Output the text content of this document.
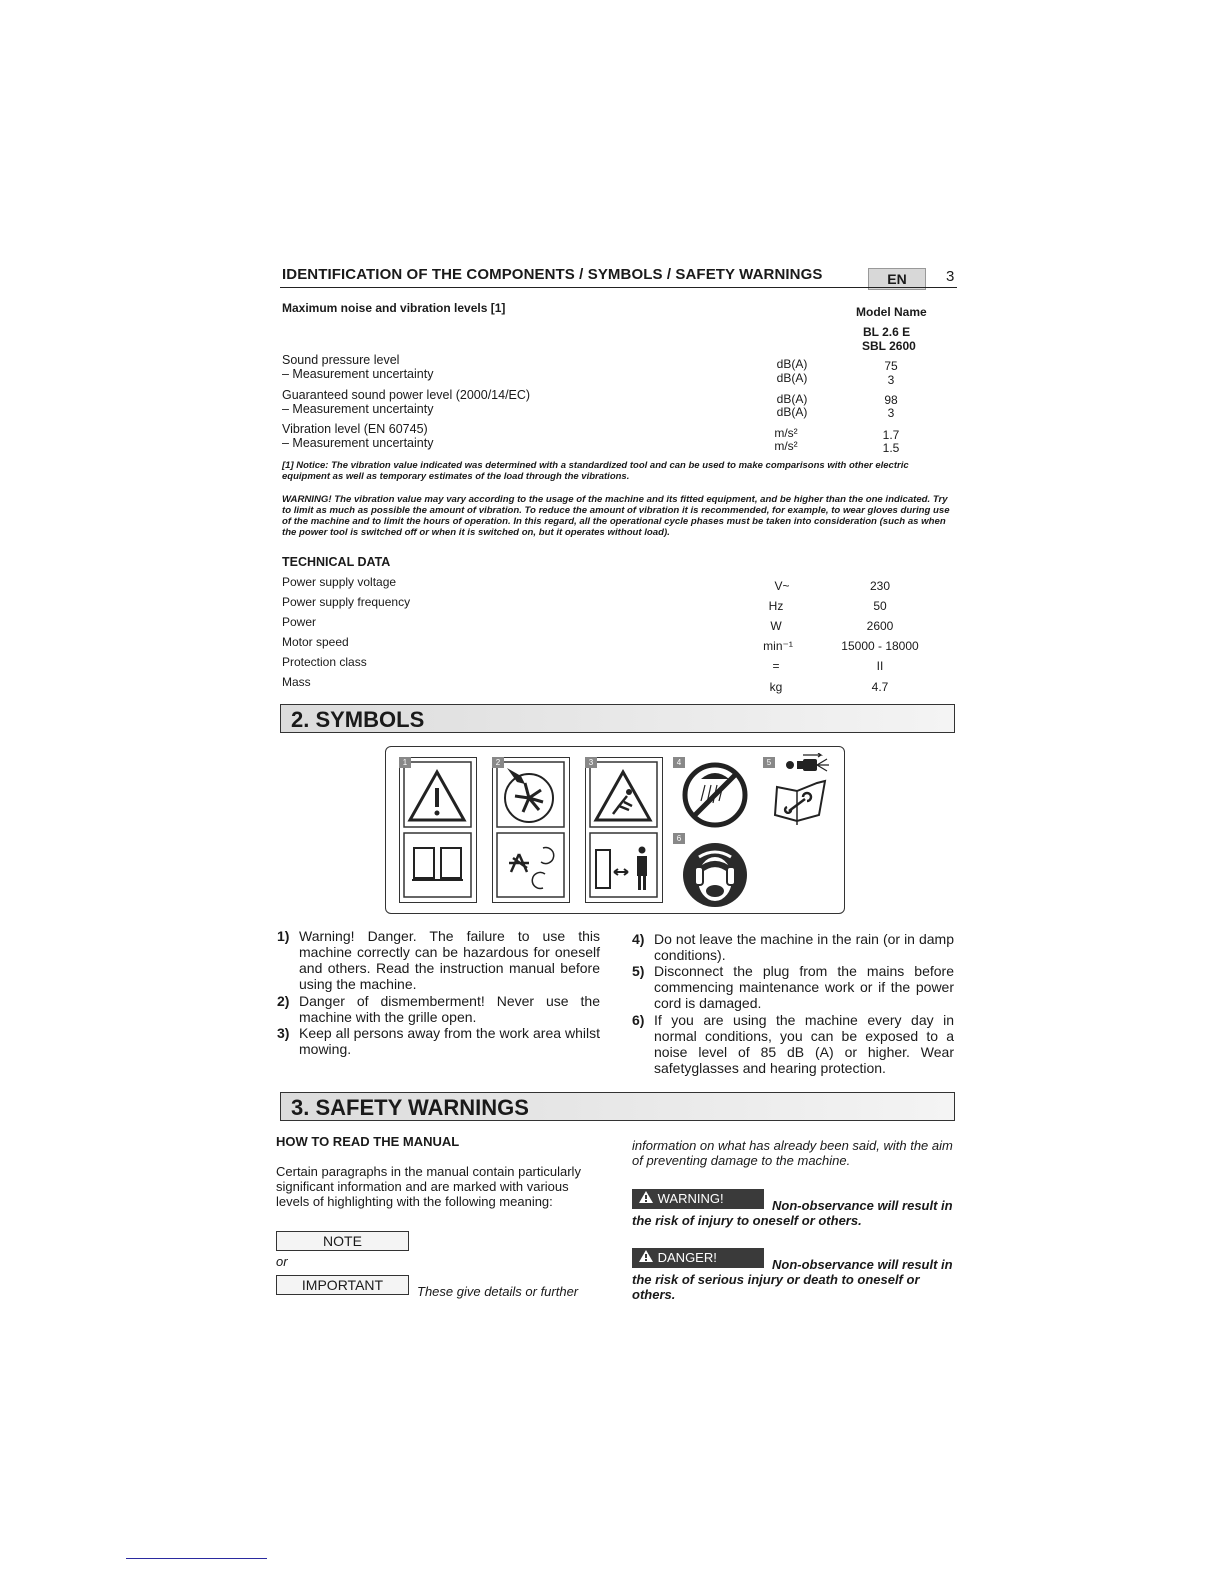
IDENTIFICATION OF THE COMPONENTS / SYMBOLS / SAFETY WARNINGS	EN	3
Maximum noise and vibration levels [1]	Model Name
BL 2.6 E
SBL 2600
Sound pressure level	dB(A)	75
– Measurement uncertainty	dB(A)	3
Guaranteed sound power level (2000/14/EC)	dB(A)	98
– Measurement uncertainty	dB(A)	3
Vibration level (EN 60745)	m/s²	1.7
– Measurement uncertainty	m/s²	1.5
[1] Notice: The vibration value indicated was determined with a standardized tool and can be used to make comparisons with other electric equipment as well as temporary estimates of the load through the vibrations.
WARNING! The vibration value may vary according to the usage of the machine and its fitted equipment, and be higher than the one indicated. Try to limit as much as possible the amount of vibration. To reduce the amount of vibration it is recommended, for example, to wear gloves during use of the machine and to limit the hours of operation. In this regard, all the operational cycle phases must be taken into consideration (such as when the power tool is switched off or when it is switched on, but it operates without load).
TECHNICAL DATA
Power supply voltage	V~	230
Power supply frequency	Hz	50
Power	W	2600
Motor speed	min⁻¹	15000 - 18000
Protection class	=	II
Mass	kg	4.7
2. SYMBOLS
1	2	3	4	5
6
1) Warning! Danger. The failure to use this machine correctly can be hazardous for oneself and others. Read the instruction manual before using the machine.
2) Danger of dismemberment! Never use the machine with the grille open.
3) Keep all persons away from the work area whilst mowing.
4) Do not leave the machine in the rain (or in damp conditions).
5) Disconnect the plug from the mains before commencing maintenance work or if the power cord is damaged.
6) If you are using the machine every day in normal conditions, you can be exposed to a noise level of 85 dB (A) or higher. Wear safetyglasses and hearing protection.
3. SAFETY WARNINGS
HOW TO READ THE MANUAL
Certain paragraphs in the manual contain particularly significant information and are marked with various levels of highlighting with the following meaning:
NOTE
or
IMPORTANT	These give details or further
information on what has already been said, with the aim of preventing damage to the machine.
WARNING!	Non-observance will result in the risk of injury to oneself or others.
DANGER!	Non-observance will result in the risk of serious injury or death to oneself or others.
